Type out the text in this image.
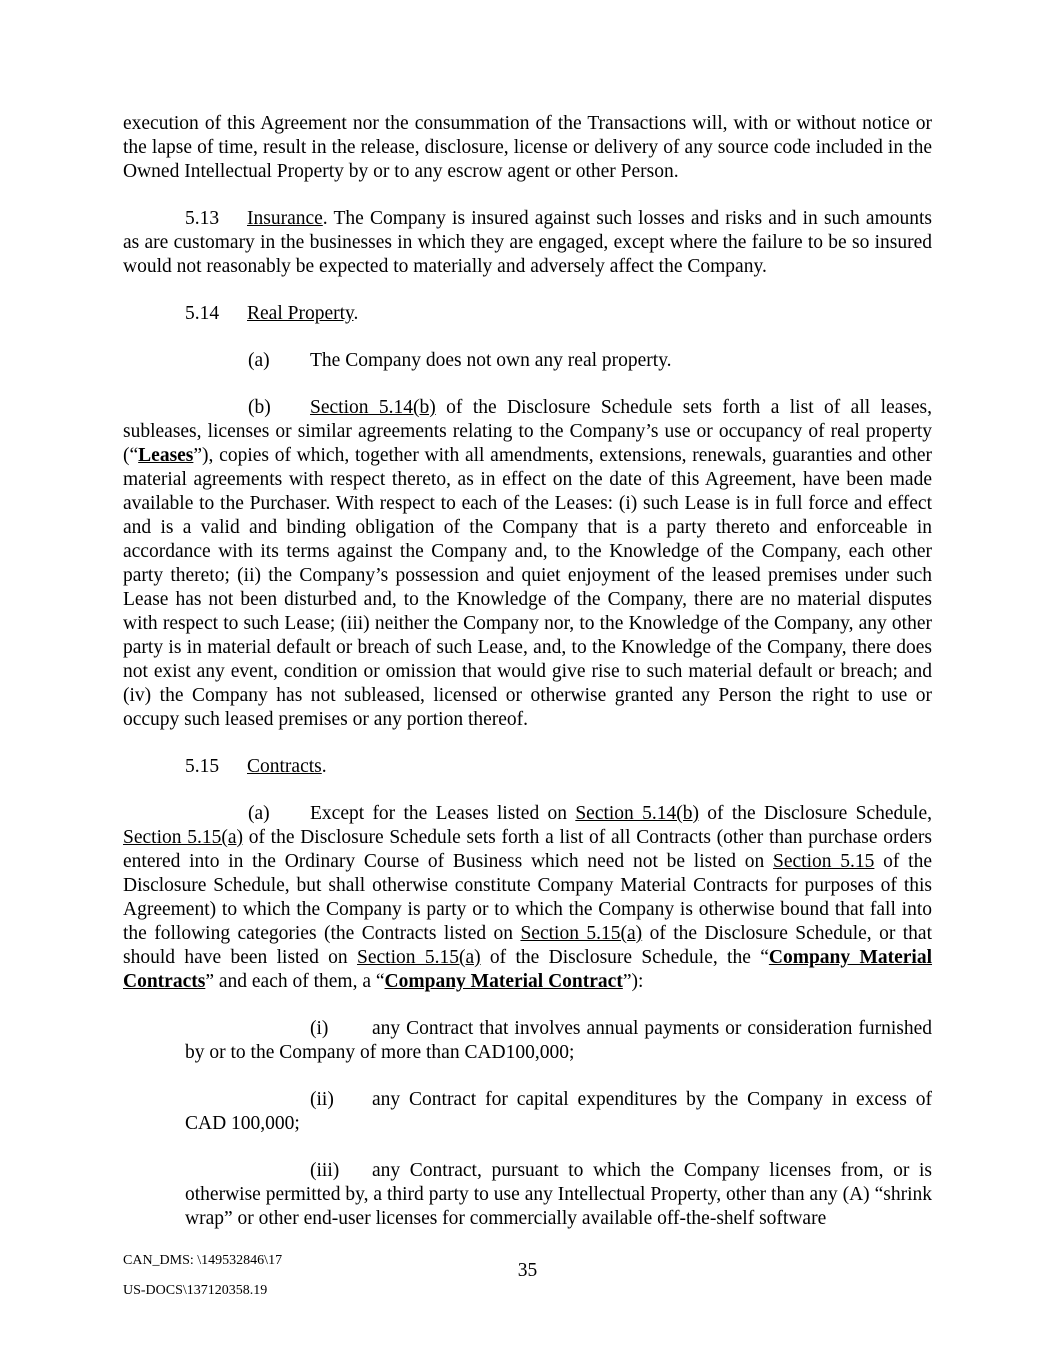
execution of this Agreement nor the consummation of the Transactions will, with or without notice or the lapse of time, result in the release, disclosure, license or delivery of any source code included in the Owned Intellectual Property by or to any escrow agent or other Person.

5.13 Insurance. The Company is insured against such losses and risks and in such amounts as are customary in the businesses in which they are engaged, except where the failure to be so insured would not reasonably be expected to materially and adversely affect the Company.

5.14 Real Property.

(a) The Company does not own any real property.

(b) Section 5.14(b) of the Disclosure Schedule sets forth a list of all leases, subleases, licenses or similar agreements relating to the Company’s use or occupancy of real property (“Leases”), copies of which, together with all amendments, extensions, renewals, guaranties and other material agreements with respect thereto, as in effect on the date of this Agreement, have been made available to the Purchaser. With respect to each of the Leases: (i) such Lease is in full force and effect and is a valid and binding obligation of the Company that is a party thereto and enforceable in accordance with its terms against the Company and, to the Knowledge of the Company, each other party thereto; (ii) the Company’s possession and quiet enjoyment of the leased premises under such Lease has not been disturbed and, to the Knowledge of the Company, there are no material disputes with respect to such Lease; (iii) neither the Company nor, to the Knowledge of the Company, any other party is in material default or breach of such Lease, and, to the Knowledge of the Company, there does not exist any event, condition or omission that would give rise to such material default or breach; and (iv) the Company has not subleased, licensed or otherwise granted any Person the right to use or occupy such leased premises or any portion thereof.

5.15 Contracts.

(a) Except for the Leases listed on Section 5.14(b) of the Disclosure Schedule, Section 5.15(a) of the Disclosure Schedule sets forth a list of all Contracts (other than purchase orders entered into in the Ordinary Course of Business which need not be listed on Section 5.15 of the Disclosure Schedule, but shall otherwise constitute Company Material Contracts for purposes of this Agreement) to which the Company is party or to which the Company is otherwise bound that fall into the following categories (the Contracts listed on Section 5.15(a) of the Disclosure Schedule, or that should have been listed on Section 5.15(a) of the Disclosure Schedule, the “Company Material Contracts” and each of them, a “Company Material Contract”):

(i) any Contract that involves annual payments or consideration furnished by or to the Company of more than CAD100,000;

(ii) any Contract for capital expenditures by the Company in excess of CAD 100,000;

(iii) any Contract, pursuant to which the Company licenses from, or is otherwise permitted by, a third party to use any Intellectual Property, other than any (A) “shrink wrap” or other end-user licenses for commercially available off-the-shelf software

CAN_DMS: \149532846\17
US-DOCS\137120358.19
35
